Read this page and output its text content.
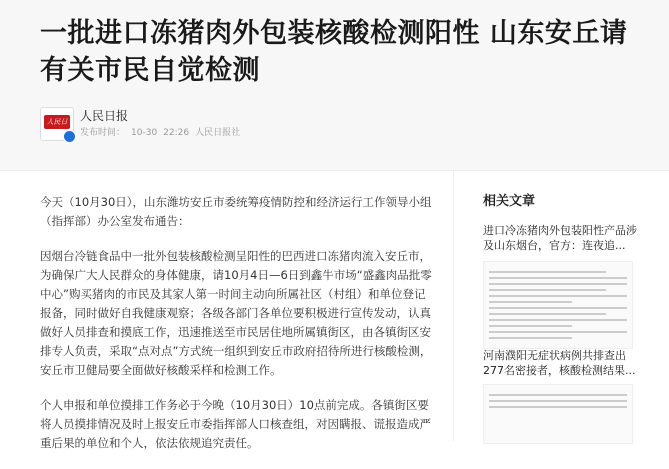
一批进口冻猪肉外包装核酸检测阳性 山东安丘请有关市民自觉检测
人民日报
人民日报
发布时间： 10-30 22:26 人民日报社

今天（10月30日），山东潍坊安丘市委统筹疫情防控和经济运行工作领导小组（指挥部）办公室发布通告：

因烟台冷链食品中一批外包装核酸检测呈阳性的巴西进口冻猪肉流入安丘市，为确保广大人民群众的身体健康，请10月4日—6日到鑫牛市场“盛鑫肉品批零中心”购买猪肉的市民及其家人第一时间主动向所属社区（村组）和单位登记报备，同时做好自我健康观察；各级各部门各单位要积极进行宣传发动，认真做好人员排查和摸底工作，迅速推送至市民居住地所属镇街区，由各镇街区安排专人负责，采取“点对点”方式统一组织到安丘市政府招待所进行核酸检测，安丘市卫健局要全面做好核酸采样和检测工作。

个人申报和单位摸排工作务必于今晚（10月30日）10点前完成。各镇街区要将人员摸排情况及时上报安丘市委指挥部人口核查组，对因瞒报、谎报造成严重后果的单位和个人，依法依规追究责任。

相关文章
进口冷冻猪肉外包装阳性产品涉及山东烟台，官方：连夜追...
河南濮阳无症状病例共排查出277名密接者，核酸检测结果...
